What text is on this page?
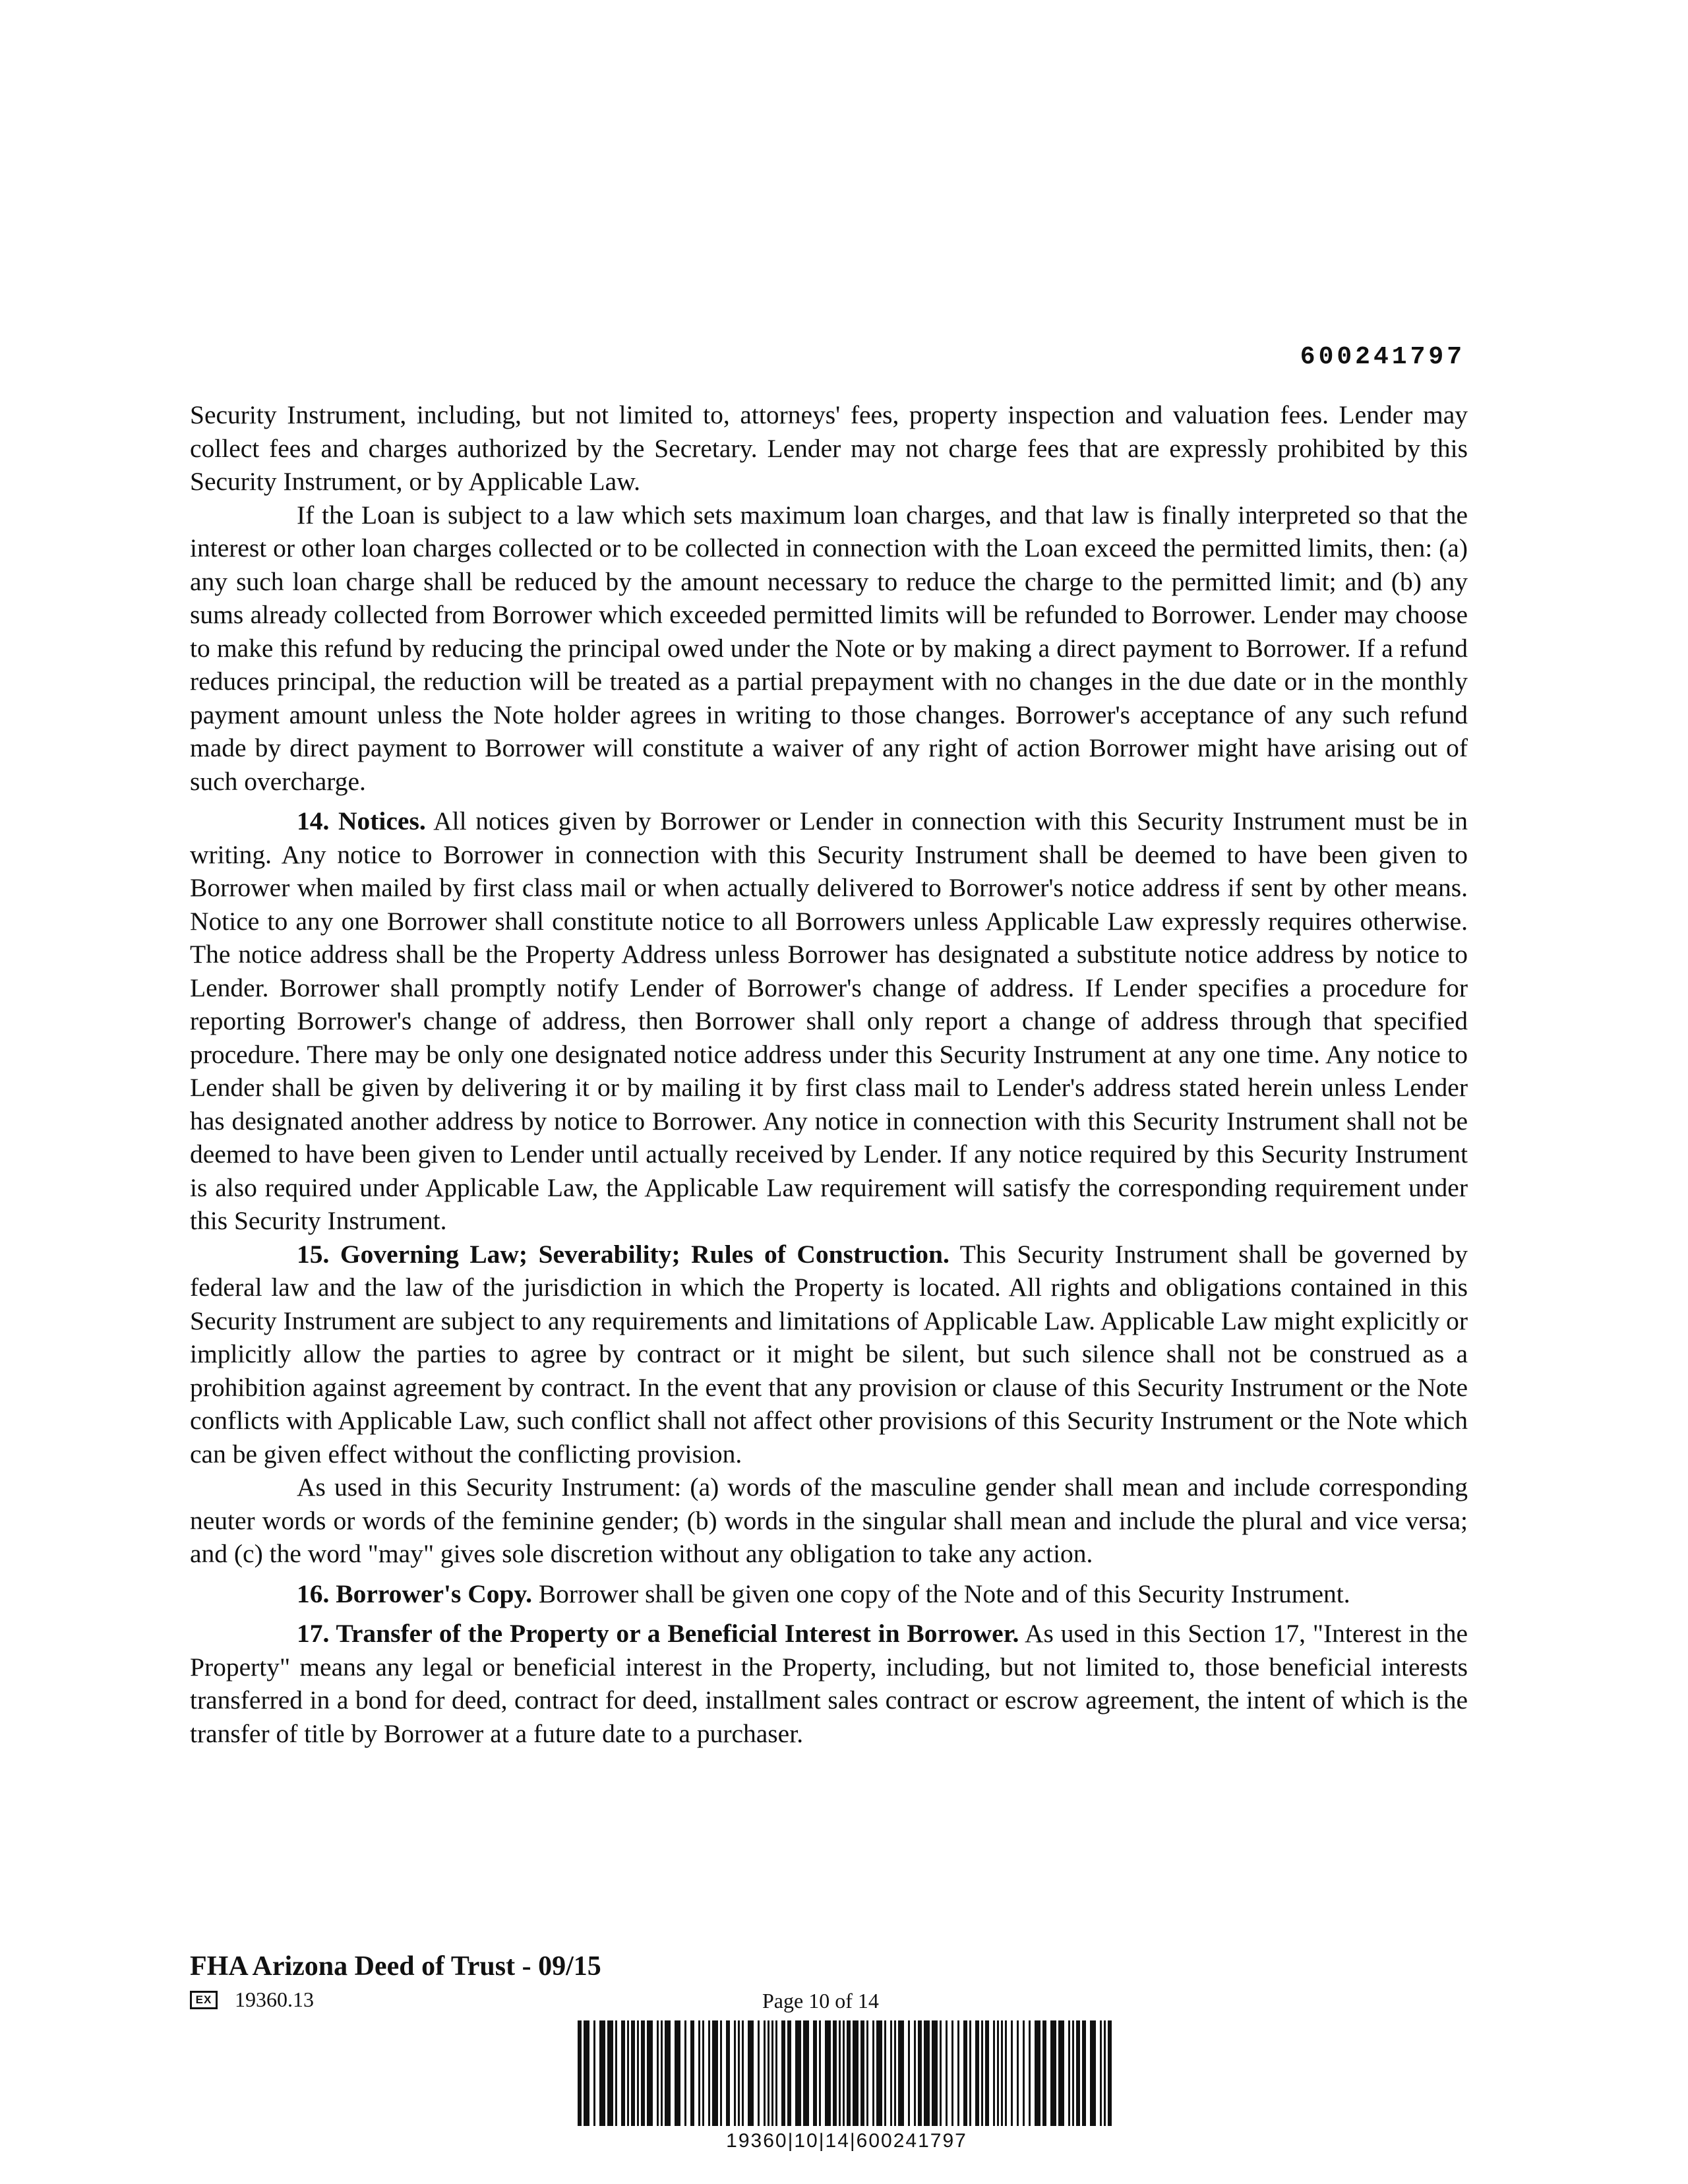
600241797

Security Instrument, including, but not limited to, attorneys' fees, property inspection and valuation fees. Lender may collect fees and charges authorized by the Secretary. Lender may not charge fees that are expressly prohibited by this Security Instrument, or by Applicable Law.

If the Loan is subject to a law which sets maximum loan charges, and that law is finally interpreted so that the interest or other loan charges collected or to be collected in connection with the Loan exceed the permitted limits, then: (a) any such loan charge shall be reduced by the amount necessary to reduce the charge to the permitted limit; and (b) any sums already collected from Borrower which exceeded permitted limits will be refunded to Borrower. Lender may choose to make this refund by reducing the principal owed under the Note or by making a direct payment to Borrower. If a refund reduces principal, the reduction will be treated as a partial prepayment with no changes in the due date or in the monthly payment amount unless the Note holder agrees in writing to those changes. Borrower's acceptance of any such refund made by direct payment to Borrower will constitute a waiver of any right of action Borrower might have arising out of such overcharge.

14. Notices. All notices given by Borrower or Lender in connection with this Security Instrument must be in writing. Any notice to Borrower in connection with this Security Instrument shall be deemed to have been given to Borrower when mailed by first class mail or when actually delivered to Borrower's notice address if sent by other means. Notice to any one Borrower shall constitute notice to all Borrowers unless Applicable Law expressly requires otherwise. The notice address shall be the Property Address unless Borrower has designated a substitute notice address by notice to Lender. Borrower shall promptly notify Lender of Borrower's change of address. If Lender specifies a procedure for reporting Borrower's change of address, then Borrower shall only report a change of address through that specified procedure. There may be only one designated notice address under this Security Instrument at any one time. Any notice to Lender shall be given by delivering it or by mailing it by first class mail to Lender's address stated herein unless Lender has designated another address by notice to Borrower. Any notice in connection with this Security Instrument shall not be deemed to have been given to Lender until actually received by Lender. If any notice required by this Security Instrument is also required under Applicable Law, the Applicable Law requirement will satisfy the corresponding requirement under this Security Instrument.

15. Governing Law; Severability; Rules of Construction. This Security Instrument shall be governed by federal law and the law of the jurisdiction in which the Property is located. All rights and obligations contained in this Security Instrument are subject to any requirements and limitations of Applicable Law. Applicable Law might explicitly or implicitly allow the parties to agree by contract or it might be silent, but such silence shall not be construed as a prohibition against agreement by contract. In the event that any provision or clause of this Security Instrument or the Note conflicts with Applicable Law, such conflict shall not affect other provisions of this Security Instrument or the Note which can be given effect without the conflicting provision.

As used in this Security Instrument: (a) words of the masculine gender shall mean and include corresponding neuter words or words of the feminine gender; (b) words in the singular shall mean and include the plural and vice versa; and (c) the word "may" gives sole discretion without any obligation to take any action.

16. Borrower's Copy. Borrower shall be given one copy of the Note and of this Security Instrument.

17. Transfer of the Property or a Beneficial Interest in Borrower. As used in this Section 17, "Interest in the Property" means any legal or beneficial interest in the Property, including, but not limited to, those beneficial interests transferred in a bond for deed, contract for deed, installment sales contract or escrow agreement, the intent of which is the transfer of title by Borrower at a future date to a purchaser.

FHA Arizona Deed of Trust - 09/15
EX 19360.13	Page 10 of 14
19360|10|14|600241797
